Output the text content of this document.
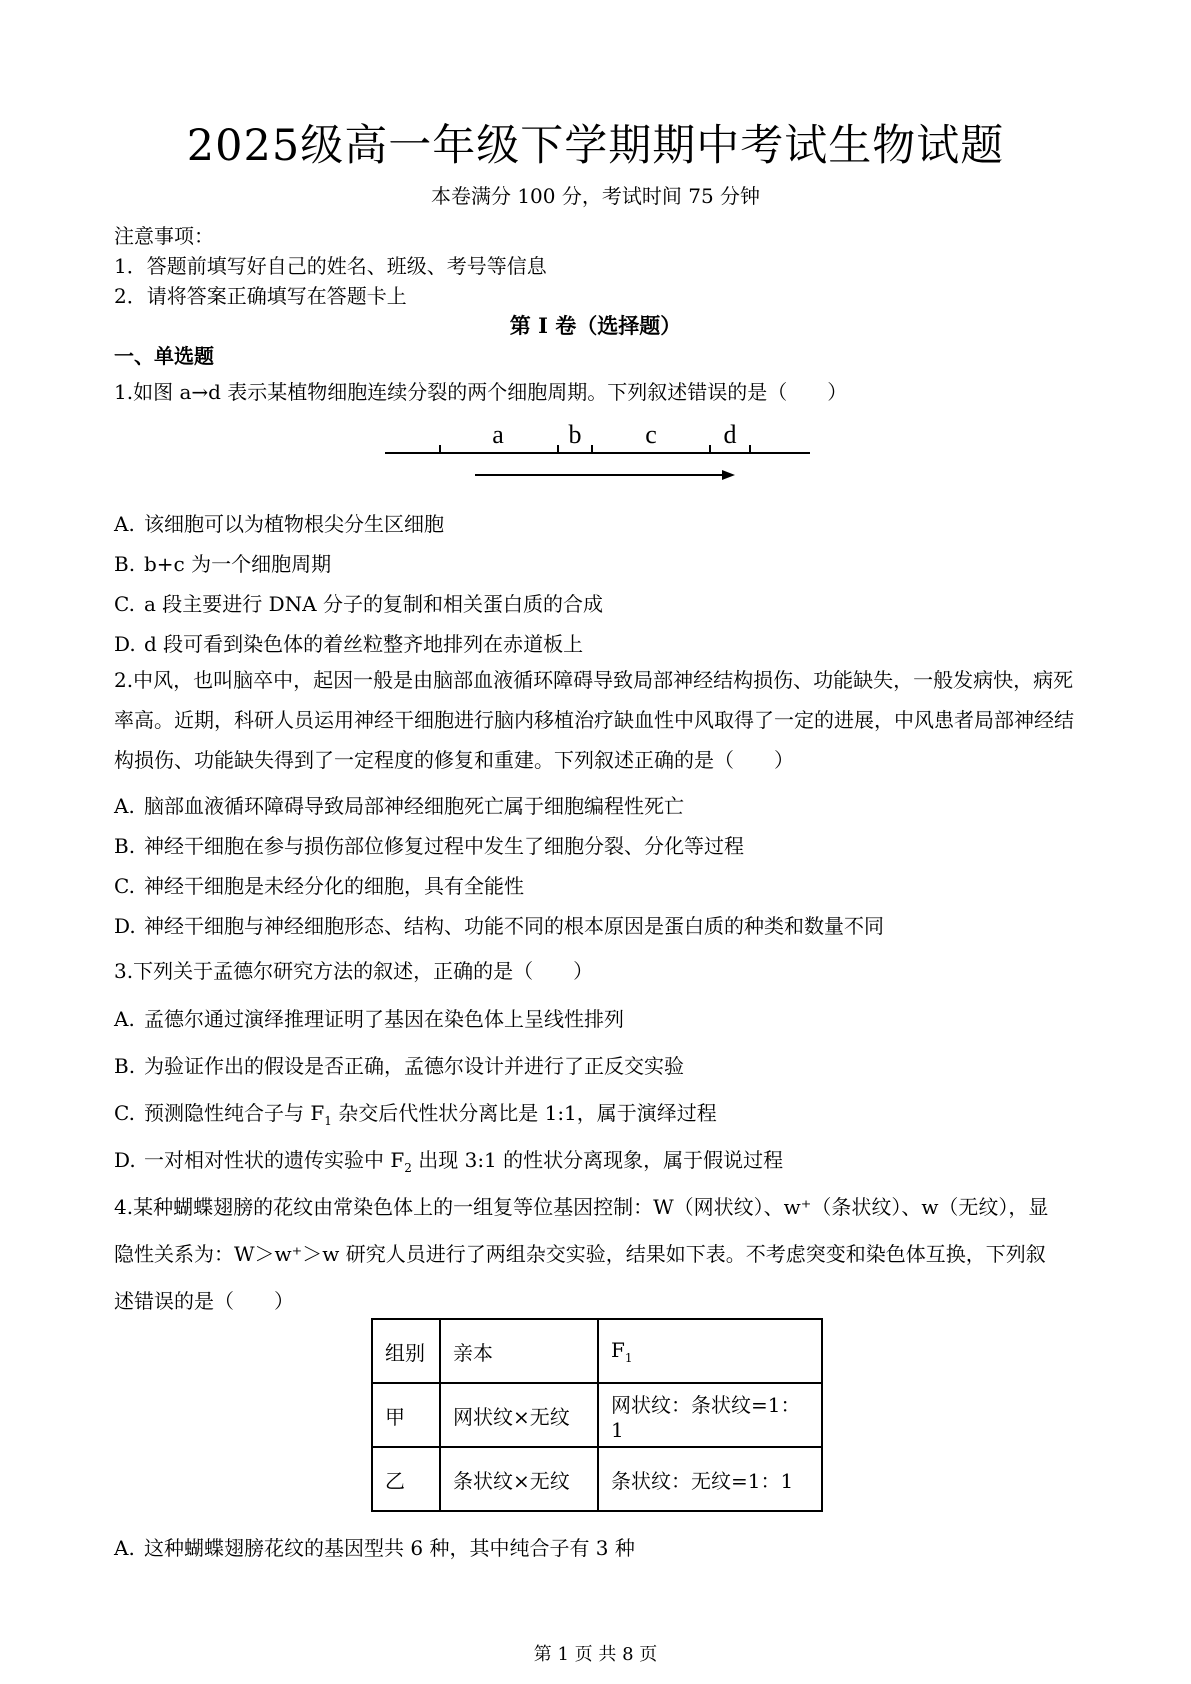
2025级高一年级下学期期中考试生物试题
本卷满分 100 分，考试时间 75 分钟
注意事项：
1．答题前填写好自己的姓名、班级、考号等信息
2．请将答案正确填写在答题卡上
第 I 卷（选择题）
一、单选题
1.如图 a→d 表示某植物细胞连续分裂的两个细胞周期。下列叙述错误的是（　　）
a b c	d
A. 该细胞可以为植物根尖分生区细胞
B. b+c 为一个细胞周期
C. a 段主要进行 DNA 分子的复制和相关蛋白质的合成
D. d 段可看到染色体的着丝粒整齐地排列在赤道板上
2.中风，也叫脑卒中，起因一般是由脑部血液循环障碍导致局部神经结构损伤、功能缺失，一般发病快，病死率高。近期，科研人员运用神经干细胞进行脑内移植治疗缺血性中风取得了一定的进展，中风患者局部神经结构损伤、功能缺失得到了一定程度的修复和重建。下列叙述正确的是（　　）
A. 脑部血液循环障碍导致局部神经细胞死亡属于细胞编程性死亡
B. 神经干细胞在参与损伤部位修复过程中发生了细胞分裂、分化等过程
C. 神经干细胞是未经分化的细胞，具有全能性
D. 神经干细胞与神经细胞形态、结构、功能不同的根本原因是蛋白质的种类和数量不同
3.下列关于孟德尔研究方法的叙述，正确的是（　　）
A. 孟德尔通过演绎推理证明了基因在染色体上呈线性排列
B. 为验证作出的假设是否正确，孟德尔设计并进行了正反交实验
C. 预测隐性纯合子与 $F_1$ 杂交后代性状分离比是 1:1，属于演绎过程
D. 一对相对性状的遗传实验中 $F_2$ 出现 3:1 的性状分离现象，属于假说过程
4.某种蝴蝶翅膀的花纹由常染色体上的一组复等位基因控制：W（网状纹）、w⁺（条状纹）、w（无纹），显
隐性关系为：W＞w⁺＞w 研究人员进行了两组杂交实验，结果如下表。不考虑突变和染色体互换，下列叙
述错误的是（　　）
组别	亲本	$F_1$
甲	网状纹×无纹	网状纹：条状纹=1：1
乙	条状纹×无纹	条状纹：无纹=1：1
A. 这种蝴蝶翅膀花纹的基因型共 6 种，其中纯合子有 3 种
第 1 页 共 8 页
